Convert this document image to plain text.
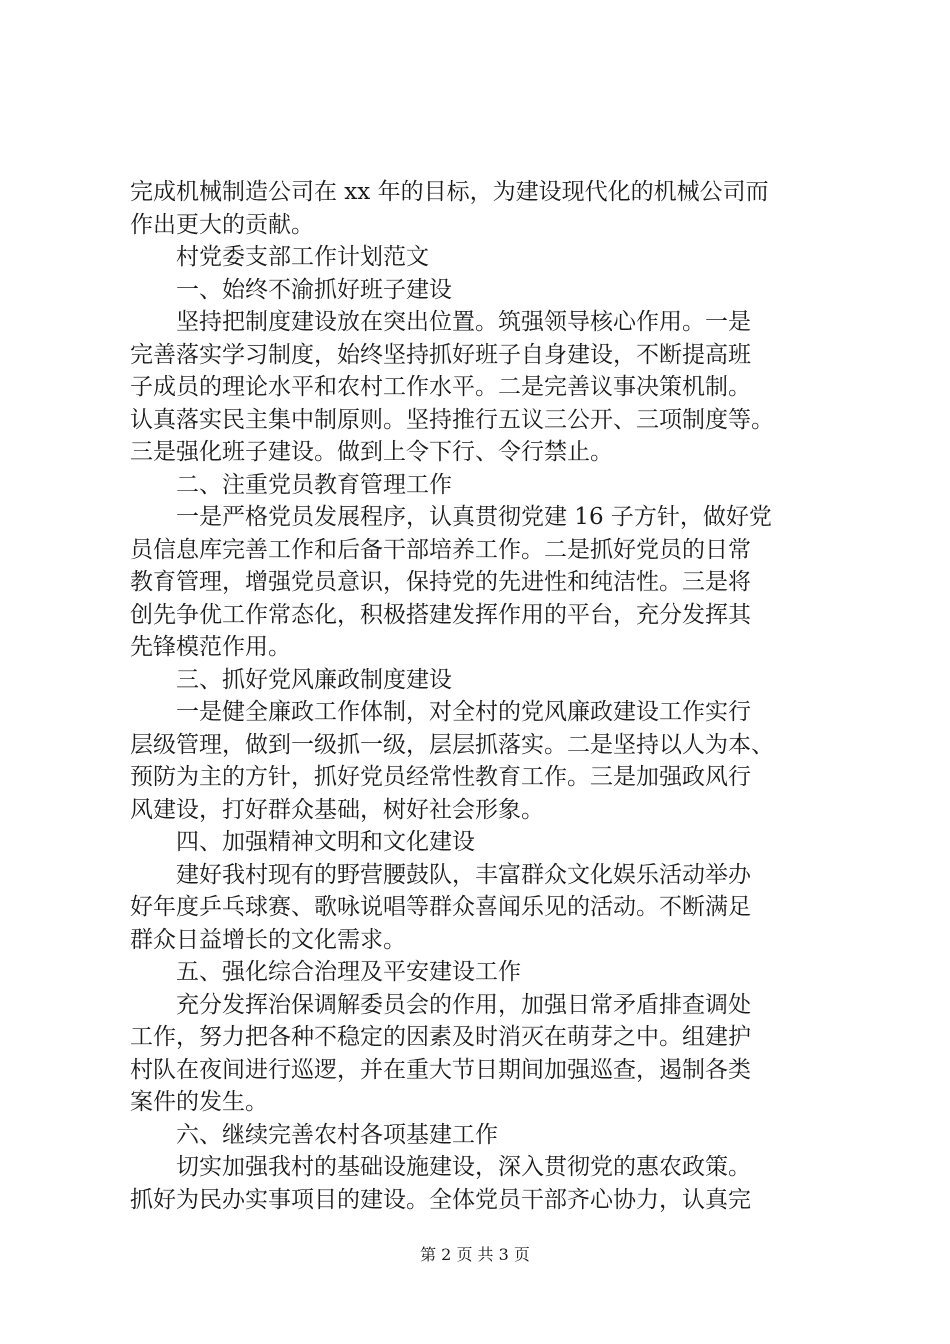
完成机械制造公司在 xx 年的目标，为建设现代化的机械公司而
作出更大的贡献。
村党委支部工作计划范文
一、始终不渝抓好班子建设
坚持把制度建设放在突出位置。筑强领导核心作用。一是
完善落实学习制度，始终坚持抓好班子自身建设，不断提高班
子成员的理论水平和农村工作水平。二是完善议事决策机制。
认真落实民主集中制原则。坚持推行五议三公开、三项制度等。
三是强化班子建设。做到上令下行、令行禁止。
二、注重党员教育管理工作
一是严格党员发展程序，认真贯彻党建 16 子方针，做好党
员信息库完善工作和后备干部培养工作。二是抓好党员的日常
教育管理，增强党员意识，保持党的先进性和纯洁性。三是将
创先争优工作常态化，积极搭建发挥作用的平台，充分发挥其
先锋模范作用。
三、抓好党风廉政制度建设
一是健全廉政工作体制，对全村的党风廉政建设工作实行
层级管理，做到一级抓一级，层层抓落实。二是坚持以人为本、
预防为主的方针，抓好党员经常性教育工作。三是加强政风行
风建设，打好群众基础，树好社会形象。
四、加强精神文明和文化建设
建好我村现有的野营腰鼓队，丰富群众文化娱乐活动举办
好年度乒乓球赛、歌咏说唱等群众喜闻乐见的活动。不断满足
群众日益增长的文化需求。
五、强化综合治理及平安建设工作
充分发挥治保调解委员会的作用，加强日常矛盾排查调处
工作，努力把各种不稳定的因素及时消灭在萌芽之中。组建护
村队在夜间进行巡逻，并在重大节日期间加强巡查，遏制各类
案件的发生。
六、继续完善农村各项基建工作
切实加强我村的基础设施建设，深入贯彻党的惠农政策。
抓好为民办实事项目的建设。全体党员干部齐心协力，认真完
第 2 页 共 3 页
